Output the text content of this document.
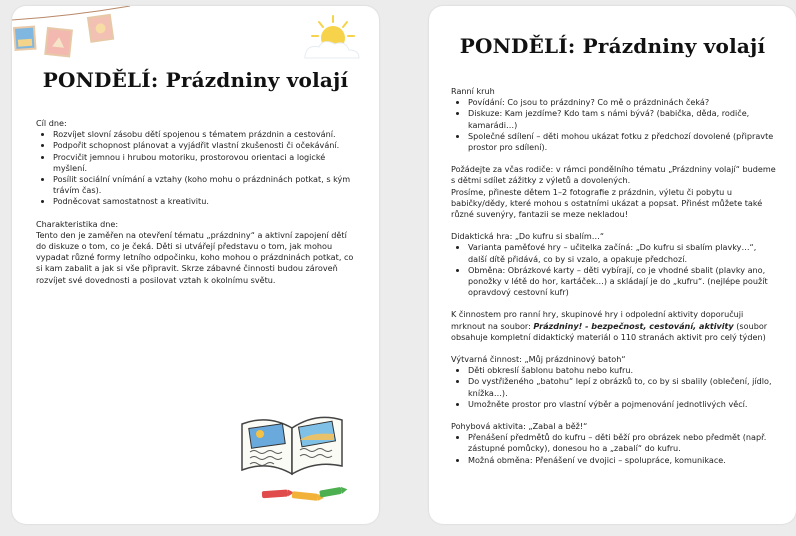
PONDĚLÍ: Prázdniny volají

Cíl dne:

• Rozvíjet slovní zásobu dětí spojenou s tématem prázdnin a cestování.
• Podpořit schopnost plánovat a vyjádřit vlastní zkušenosti či očekávání.
• Procvičit jemnou i hrubou motoriku, prostorovou orientaci a logické myšlení.
• Posílit sociální vnímání a vztahy (koho mohu o prázdninách potkat, s kým trávím čas).
• Podněcovat samostatnost a kreativitu.

Charakteristika dne:

Tento den je zaměřen na otevření tématu „prázdniny“ a aktivní zapojení dětí do diskuze o tom, co je čeká. Děti si utvářejí představu o tom, jak mohou vypadat různé formy letního odpočinku, koho mohou o prázdninách potkat, co si kam zabalit a jak si vše připravit. Skrze zábavné činnosti budou zároveň rozvíjet své dovednosti a posilovat vztah k okolnímu světu.

PONDĚLÍ: Prázdniny volají

Ranní kruh

• Povídání: Co jsou to prázdniny? Co mě o prázdninách čeká?
• Diskuze: Kam jezdíme? Kdo tam s námi bývá? (babička, děda, rodiče, kamarádi…)
• Společné sdílení – děti mohou ukázat fotku z předchozí dovolené (připravte prostor pro sdílení).

Požádejte za včas rodiče: v rámci pondělního tématu „Prázdniny volají“ budeme s dětmi sdílet zážitky z výletů a dovolených.

Prosíme, přineste dětem 1–2 fotografie z prázdnin, výletu či pobytu u babičky/dědy, které mohou s ostatními ukázat a popsat. Přinést můžete také různé suvenýry, fantazii se meze nekladou!

Didaktická hra: „Do kufru si sbalím…“

• Varianta paměťové hry – učitelka začíná: „Do kufru si sbalím plavky…“, další dítě přidává, co by si vzalo, a opakuje předchozí.
• Obměna: Obrázkové karty – děti vybírají, co je vhodné sbalit (plavky ano, ponožky v létě do hor, kartáček…) a skládají je do „kufru“. (nejlépe použít opravdový cestovní kufr)

K činnostem pro ranní hry, skupinové hry i odpolední aktivity doporučuji mrknout na soubor: Prázdniny! - bezpečnost, cestování, aktivity (soubor obsahuje kompletní didaktický materiál o 110 stranách aktivit pro celý týden)

Výtvarná činnost: „Můj prázdninový batoh“

• Děti obkreslí šablonu batohu nebo kufru.
• Do vystřiženého „batohu“ lepí z obrázků to, co by si sbalily (oblečení, jídlo, knížka…).
• Umožněte prostor pro vlastní výběr a pojmenování jednotlivých věcí.

Pohybová aktivita: „Zabal a běž!“

• Přenášení předmětů do kufru – děti běží pro obrázek nebo předmět (např. zástupné pomůcky), donesou ho a „zabalí“ do kufru.
• Možná obměna: Přenášení ve dvojici – spolupráce, komunikace.
